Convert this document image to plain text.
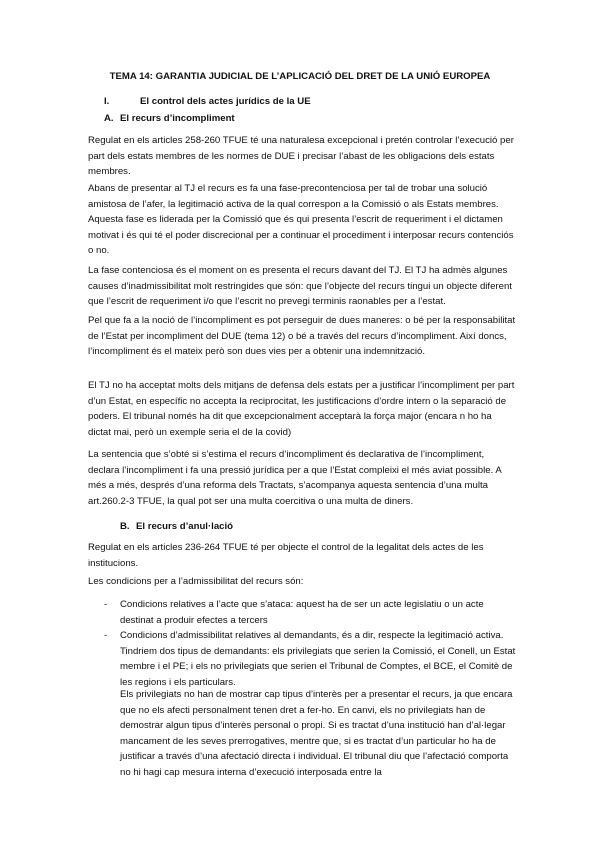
TEMA 14: GARANTIA JUDICIAL DE L’APLICACIÓ DEL DRET DE LA UNIÓ EUROPEA
I.	El control dels actes jurídics de la UE
A. El recurs d’incompliment

Regulat en els articles 258-260 TFUE té una naturalesa excepcional i pretén controlar l’execució per part dels estats membres de les normes de DUE i precisar l’abast de les obligacions dels estats membres.

Abans de presentar al TJ el recurs es fa una fase-precontenciosa per tal de trobar una solució amistosa de l’afer, la legitimació activa de la qual correspon a la Comissió o als Estats membres. Aquesta fase es liderada per la Comissió que és qui presenta l’escrit de requeriment i el dictamen motivat i és qui té el poder discrecional per a continuar el procediment i interposar recurs contenciós o no.

La fase contenciosa és el moment on es presenta el recurs davant del TJ. El TJ ha admès algunes causes d’inadmissibilitat molt restringides que són: que l’objecte del recurs tingui un objecte diferent que l’escrit de requeriment i/o que l’escrit no prevegi terminis raonables per a l’estat.

Pel que fa a la noció de l’incompliment es pot perseguir de dues maneres: o bé per la responsabilitat de l’Estat per incompliment del DUE (tema 12) o bé a través del recurs d’incompliment. Així doncs, l’incompliment és el mateix però son dues vies per a obtenir una indemnització.

El TJ no ha acceptat molts dels mitjans de defensa dels estats per a justificar l’incompliment per part d’un Estat, en específic no accepta la reciprocitat, les justificacions d’ordre intern o la separació de poders. El tribunal només ha dit que excepcionalment acceptarà la força major (encara n ho ha dictat mai, però un exemple seria el de la covid)

La sentencia que s’obté si s’estima el recurs d’incompliment és declarativa de l’incompliment, declara l’incompliment i fa una pressió jurídica per a que l’Estat compleixi el més aviat possible. A més a més, després d’una reforma dels Tractats, s’acompanya aquesta sentencia d’una multa art.260.2-3 TFUE, la qual pot ser una multa coercitiva o una multa de diners.

B. El recurs d’anul·lació

Regulat en els articles 236-264 TFUE té per objecte el control de la legalitat dels actes de les institucions.

Les condicions per a l’admissibilitat del recurs són:

- Condicions relatives a l’acte que s’ataca: aquest ha de ser un acte legislatiu o un acte destinat a produir efectes a tercers
- Condicions d’admissibilitat relatives al demandants, és a dir, respecte la legitimació activa. Tindriem dos tipus de demandants: els privilegiats que serien la Comissió, el Conell, un Estat membre i el PE; i els no privilegiats que serien el Tribunal de Comptes, el BCE, el Comitè de les regions i els particulars.
Els privilegiats no han de mostrar cap tipus d’interès per a presentar el recurs, ja que encara que no els afecti personalment tenen dret a fer-ho. En canvi, els no privilegiats han de demostrar algun tipus d’interès personal o propi. Si es tractat d’una institució han d’al·legar mancament de les seves prerrogatives, mentre que, si es tractat d’un particular ho ha de justificar a través d’una afectació directa i individual. El tribunal diu que l’afectació comporta no hi hagi cap mesura interna d’execució interposada entre la
